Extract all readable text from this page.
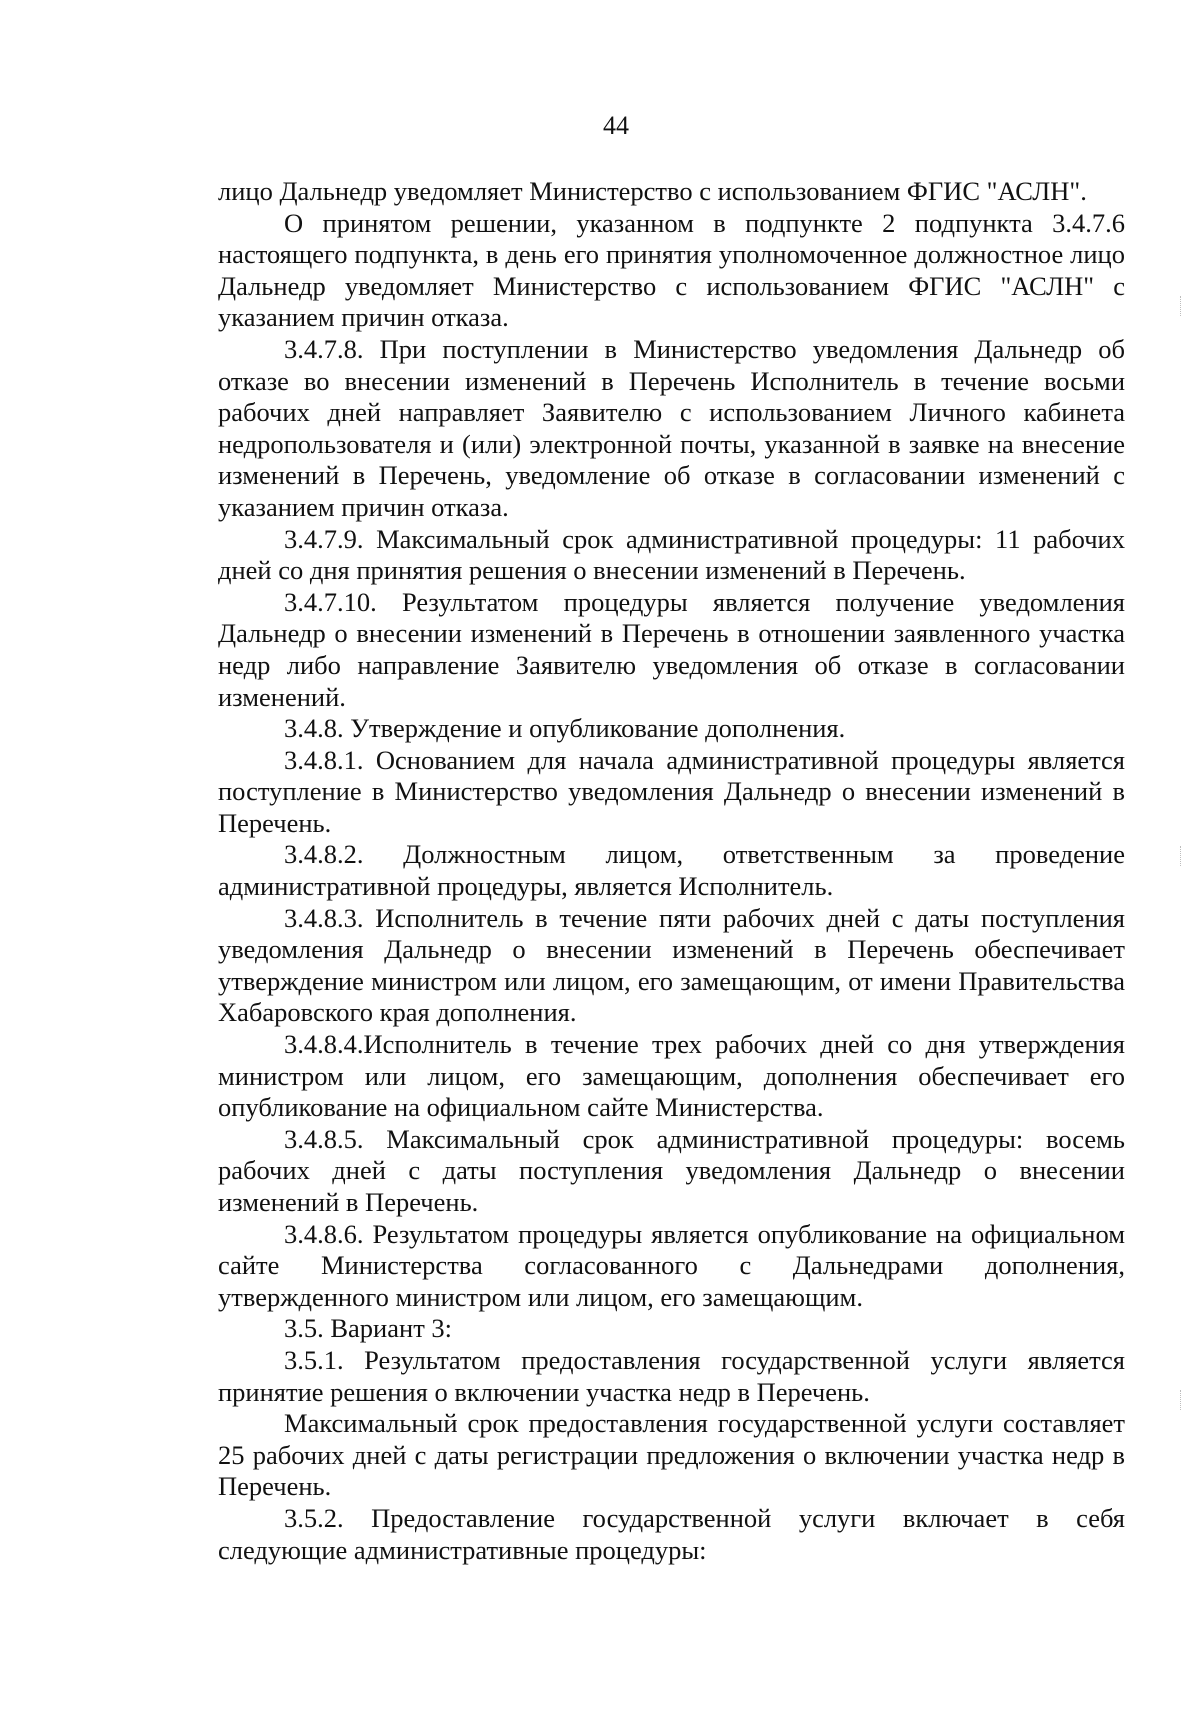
44

лицо Дальнедр уведомляет Министерство с использованием ФГИС "АСЛН".

О принятом решении, указанном в подпункте 2 подпункта 3.4.7.6 настоящего подпункта, в день его принятия уполномоченное должностное лицо Дальнедр уведомляет Министерство с использованием ФГИС "АСЛН" с указанием причин отказа.

3.4.7.8. При поступлении в Министерство уведомления Дальнедр об отказе во внесении изменений в Перечень Исполнитель в течение восьми рабочих дней направляет Заявителю с использованием Личного кабинета недропользователя и (или) электронной почты, указанной в заявке на внесение изменений в Перечень, уведомление об отказе в согласовании изменений с указанием причин отказа.

3.4.7.9. Максимальный срок административной процедуры: 11 рабочих дней со дня принятия решения о внесении изменений в Перечень.

3.4.7.10. Результатом процедуры является получение уведомления Дальнедр о внесении изменений в Перечень в отношении заявленного участка недр либо направление Заявителю уведомления об отказе в согласовании изменений.

3.4.8. Утверждение и опубликование дополнения.

3.4.8.1. Основанием для начала административной процедуры является поступление в Министерство уведомления Дальнедр о внесении изменений в Перечень.

3.4.8.2. Должностным лицом, ответственным за проведение административной процедуры, является Исполнитель.

3.4.8.3. Исполнитель в течение пяти рабочих дней с даты поступления уведомления Дальнедр о внесении изменений в Перечень обеспечивает утверждение министром или лицом, его замещающим, от имени Правительства Хабаровского края дополнения.

3.4.8.4.Исполнитель в течение трех рабочих дней со дня утверждения министром или лицом, его замещающим, дополнения обеспечивает его опубликование на официальном сайте Министерства.

3.4.8.5. Максимальный срок административной процедуры: восемь рабочих дней с даты поступления уведомления Дальнедр о внесении изменений в Перечень.

3.4.8.6. Результатом процедуры является опубликование на официальном сайте Министерства согласованного с Дальнедрами дополнения, утвержденного министром или лицом, его замещающим.

3.5. Вариант 3:

3.5.1. Результатом предоставления государственной услуги является принятие решения о включении участка недр в Перечень.

Максимальный срок предоставления государственной услуги составляет 25 рабочих дней с даты регистрации предложения о включении участка недр в Перечень.

3.5.2. Предоставление государственной услуги включает в себя следующие административные процедуры:
